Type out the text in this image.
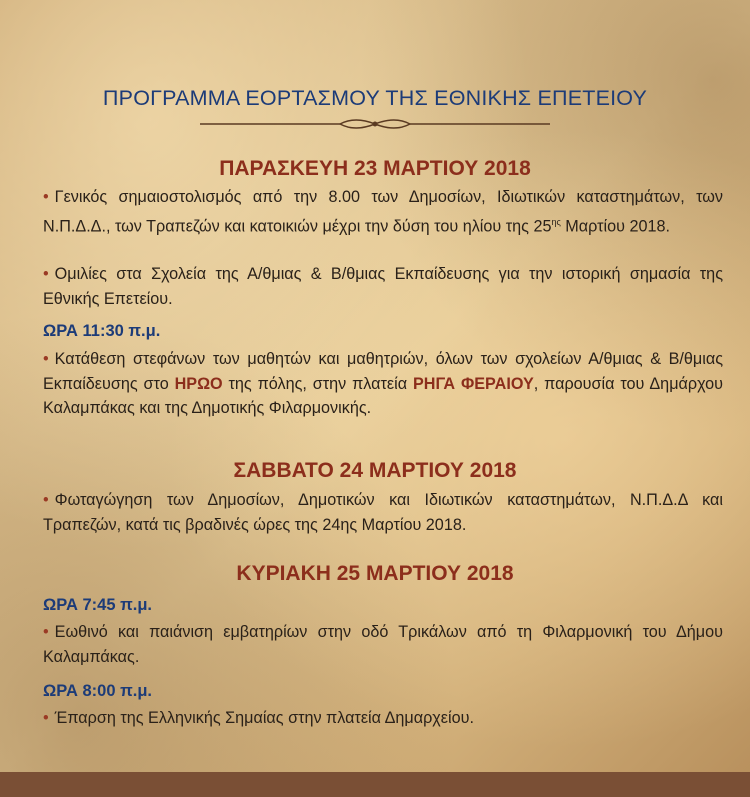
ΠΡΟΓΡΑΜΜΑ ΕΟΡΤΑΣΜΟΥ ΤΗΣ ΕΘΝΙΚΗΣ ΕΠΕΤΕΙΟΥ
ΠΑΡΑΣΚΕΥΗ 23 ΜΑΡΤΙΟΥ 2018

• Γενικός σημαιοστολισμός από την 8.00 των Δημοσίων, Ιδιωτικών καταστημάτων, των Ν.Π.Δ.Δ., των Τραπεζών και κατοικιών μέχρι την δύση του ηλίου της $25^{\eta\varsigma}$ Μαρτίου 2018.

• Ομιλίες στα Σχολεία της Α/θμιας & Β/θμιας Εκπαίδευσης για την ιστορική σημασία της Εθνικής Επετείου.

ΩΡΑ 11:30 π.μ.

• Κατάθεση στεφάνων των μαθητών και μαθητριών, όλων των σχολείων Α/θμιας & Β/θμιας Εκπαίδευσης στο ΗΡΩΟ της πόλης, στην πλατεία ΡΗΓΑ ΦΕΡΑΙΟΥ, παρουσία του Δημάρχου Καλαμπάκας και της Δημοτικής Φιλαρμονικής.

ΣΑΒΒΑΤΟ 24 ΜΑΡΤΙΟΥ 2018

• Φωταγώγηση των Δημοσίων, Δημοτικών και Ιδιωτικών καταστημάτων, Ν.Π.Δ.Δ και Τραπεζών, κατά τις βραδινές ώρες της 24ης Μαρτίου 2018.

ΚΥΡΙΑΚΗ 25 ΜΑΡΤΙΟΥ 2018
ΩΡΑ 7:45 π.μ.

• Εωθινό και παιάνιση εμβατηρίων στην οδό Τρικάλων από τη Φιλαρμονική του Δήμου Καλαμπάκας.

ΩΡΑ 8:00 π.μ.

• Έπαρση της Ελληνικής Σημαίας στην πλατεία Δημαρχείου.
